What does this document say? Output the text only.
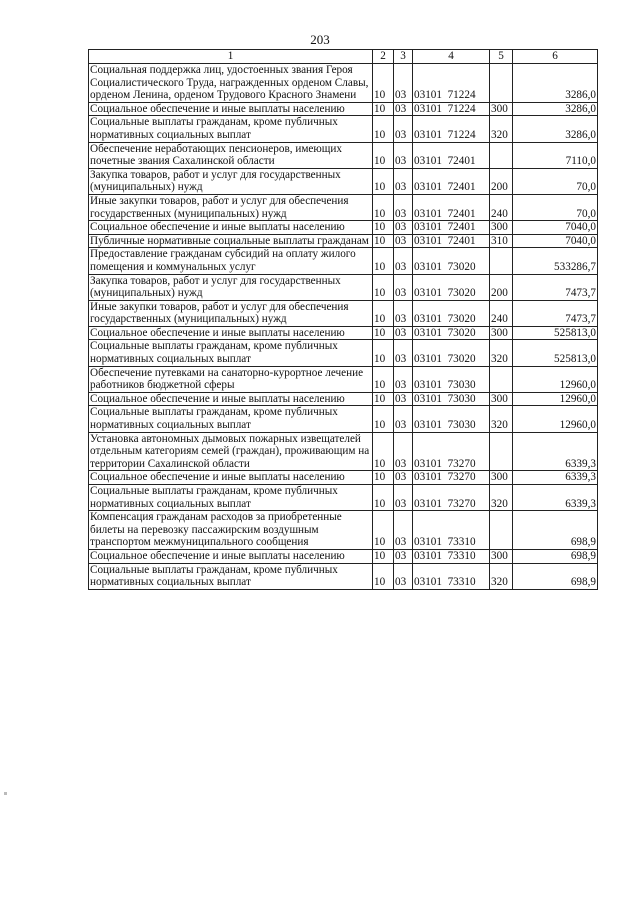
203
1	2	3	4	5	6
Социальная поддержка лиц, удостоенных звания Героя Социалистического Труда, награжденных орденом Славы, орденом Ленина, орденом Трудового Красного Знамени	10	03	03101  71224		3286,0
Социальное обеспечение и иные выплаты населению	10	03	03101  71224	300	3286,0
Социальные выплаты гражданам, кроме публичных нормативных социальных выплат	10	03	03101  71224	320	3286,0
Обеспечение неработающих пенсионеров, имеющих почетные звания Сахалинской области	10	03	03101  72401		7110,0
Закупка товаров, работ и услуг для государственных (муниципальных) нужд	10	03	03101  72401	200	70,0
Иные закупки товаров, работ и услуг для обеспечения государственных (муниципальных) нужд	10	03	03101  72401	240	70,0
Социальное обеспечение и иные выплаты населению	10	03	03101  72401	300	7040,0
Публичные нормативные социальные выплаты гражданам	10	03	03101  72401	310	7040,0
Предоставление гражданам субсидий на оплату жилого помещения и коммунальных услуг	10	03	03101  73020		533286,7
Закупка товаров, работ и услуг для государственных (муниципальных) нужд	10	03	03101  73020	200	7473,7
Иные закупки товаров, работ и услуг для обеспечения государственных (муниципальных) нужд	10	03	03101  73020	240	7473,7
Социальное обеспечение и иные выплаты населению	10	03	03101  73020	300	525813,0
Социальные выплаты гражданам, кроме публичных нормативных социальных выплат	10	03	03101  73020	320	525813,0
Обеспечение путевками на санаторно-курортное лечение работников бюджетной сферы	10	03	03101  73030		12960,0
Социальное обеспечение и иные выплаты населению	10	03	03101  73030	300	12960,0
Социальные выплаты гражданам, кроме публичных нормативных социальных выплат	10	03	03101  73030	320	12960,0
Установка автономных дымовых пожарных извещателей отдельным категориям семей (граждан), проживающим на территории Сахалинской области	10	03	03101  73270		6339,3
Социальное обеспечение и иные выплаты населению	10	03	03101  73270	300	6339,3
Социальные выплаты гражданам, кроме публичных нормативных социальных выплат	10	03	03101  73270	320	6339,3
Компенсация гражданам расходов за приобретенные билеты на перевозку пассажирским воздушным транспортом межмуниципального сообщения	10	03	03101  73310		698,9
Социальное обеспечение и иные выплаты населению	10	03	03101  73310	300	698,9
Социальные выплаты гражданам, кроме публичных нормативных социальных выплат	10	03	03101  73310	320	698,9
